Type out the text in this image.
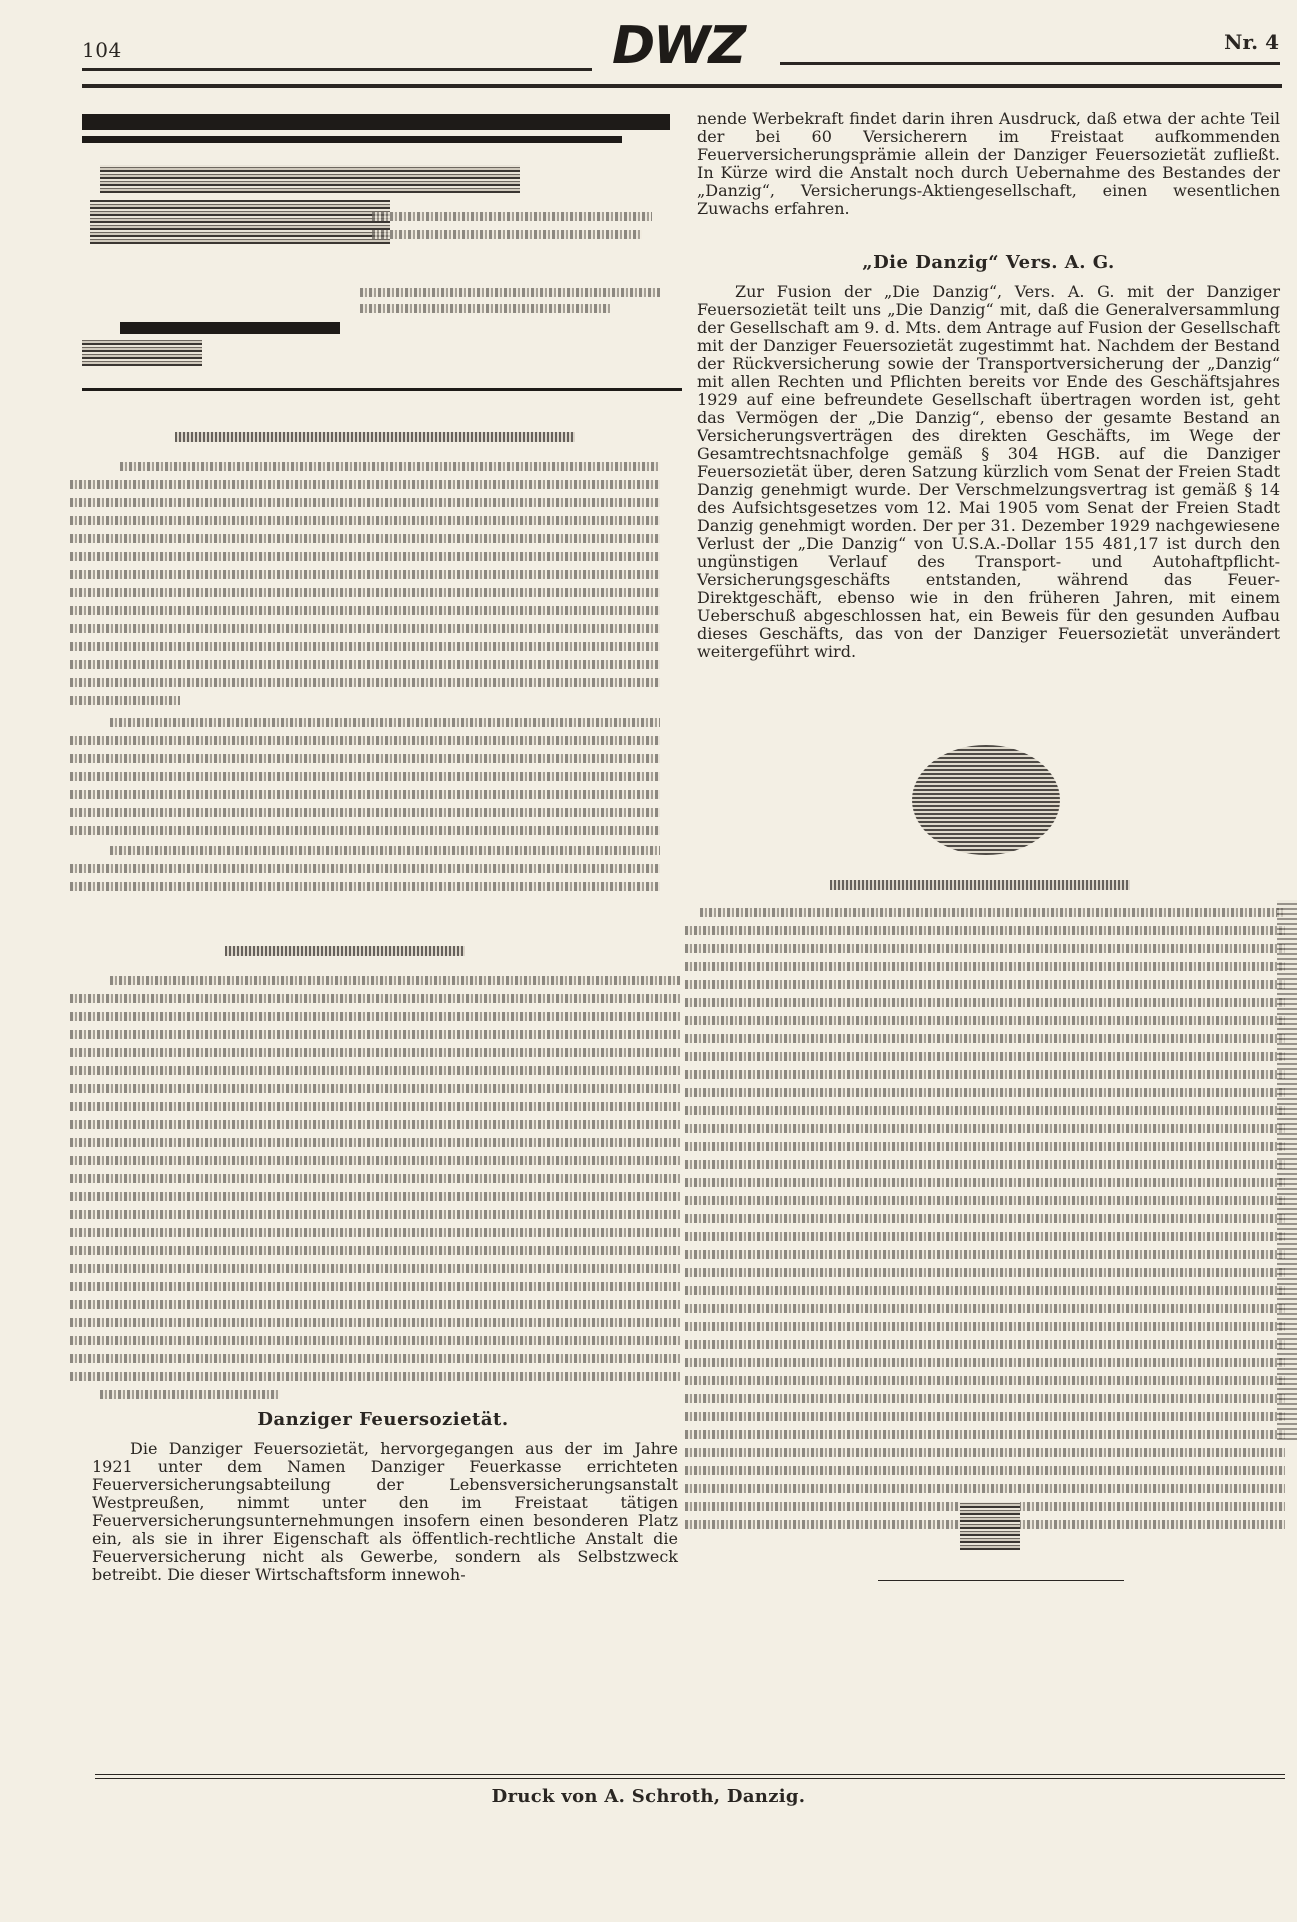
104	DWZ	Nr. 4
Danziger Feuersozietät.

Die Danziger Feuersozietät, hervorgegangen aus der im Jahre 1921 unter dem Namen Danziger Feuerkasse errichteten Feuerversicherungsabteilung der Lebensversicherungsanstalt Westpreußen, nimmt unter den im Freistaat tätigen Feuerversicherungsunternehmungen insofern einen besonderen Platz ein, als sie in ihrer Eigenschaft als öffentlich-rechtliche Anstalt die Feuerversicherung nicht als Gewerbe, sondern als Selbstzweck betreibt. Die dieser Wirtschaftsform innewoh-

nende Werbekraft findet darin ihren Ausdruck, daß etwa der achte Teil der bei 60 Versicherern im Freistaat aufkommenden Feuerversicherungsprämie allein der Danziger Feuersozietät zufließt. In Kürze wird die Anstalt noch durch Uebernahme des Bestandes der „Danzig“, Versicherungs-Aktiengesellschaft, einen wesentlichen Zuwachs erfahren.

„Die Danzig“ Vers. A. G.

Zur Fusion der „Die Danzig“, Vers. A. G. mit der Danziger Feuersozietät teilt uns „Die Danzig“ mit, daß die Generalversammlung der Gesellschaft am 9. d. Mts. dem Antrage auf Fusion der Gesellschaft mit der Danziger Feuersozietät zugestimmt hat. Nachdem der Bestand der Rückversicherung sowie der Transportversicherung der „Danzig“ mit allen Rechten und Pflichten bereits vor Ende des Geschäftsjahres 1929 auf eine befreundete Gesellschaft übertragen worden ist, geht das Vermögen der „Die Danzig“, ebenso der gesamte Bestand an Versicherungsverträgen des direkten Geschäfts, im Wege der Gesamtrechtsnachfolge gemäß § 304 HGB. auf die Danziger Feuersozietät über, deren Satzung kürzlich vom Senat der Freien Stadt Danzig genehmigt wurde. Der Verschmelzungsvertrag ist gemäß § 14 des Aufsichtsgesetzes vom 12. Mai 1905 vom Senat der Freien Stadt Danzig genehmigt worden. Der per 31. Dezember 1929 nachgewiesene Verlust der „Die Danzig“ von U.S.A.-Dollar 155 481,17 ist durch den ungünstigen Verlauf des Transport- und Autohaftpflicht-Versicherungsgeschäfts entstanden, während das Feuer-Direktgeschäft, ebenso wie in den früheren Jahren, mit einem Ueberschuß abgeschlossen hat, ein Beweis für den gesunden Aufbau dieses Geschäfts, das von der Danziger Feuersozietät unverändert weitergeführt wird.

Druck von A. Schroth, Danzig.
